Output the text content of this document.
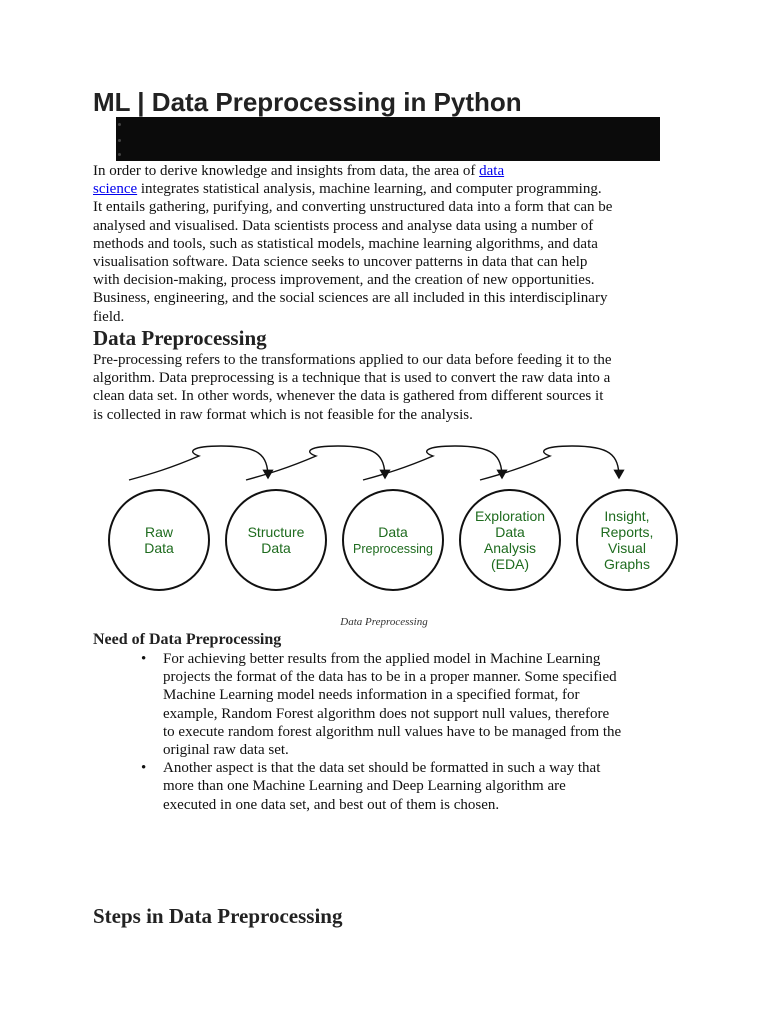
ML | Data Preprocessing in Python

In order to derive knowledge and insights from data, the area of data

science integrates statistical analysis, machine learning, and computer programming.

It entails gathering, purifying, and converting unstructured data into a form that can be

analysed and visualised. Data scientists process and analyse data using a number of

methods and tools, such as statistical models, machine learning algorithms, and data

visualisation software. Data science seeks to uncover patterns in data that can help

with decision-making, process improvement, and the creation of new opportunities.

Business, engineering, and the social sciences are all included in this interdisciplinary

field.

Data Preprocessing

Pre-processing refers to the transformations applied to our data before feeding it to the

algorithm. Data preprocessing is a technique that is used to convert the raw data into a

clean data set. In other words, whenever the data is gathered from different sources it

is collected in raw format which is not feasible for the analysis.

Raw
Data
Structure
Data
Data
Preprocessing
Exploration
Data
Analysis
(EDA)
Insight,
Reports,
Visual
Graphs
Data Preprocessing
Need of Data Preprocessing
• For achieving better results from the applied model in Machine Learning
projects the format of the data has to be in a proper manner. Some specified
Machine Learning model needs information in a specified format, for
example, Random Forest algorithm does not support null values, therefore
to execute random forest algorithm null values have to be managed from the
original raw data set.
• Another aspect is that the data set should be formatted in such a way that
more than one Machine Learning and Deep Learning algorithm are
executed in one data set, and best out of them is chosen.
Steps in Data Preprocessing
